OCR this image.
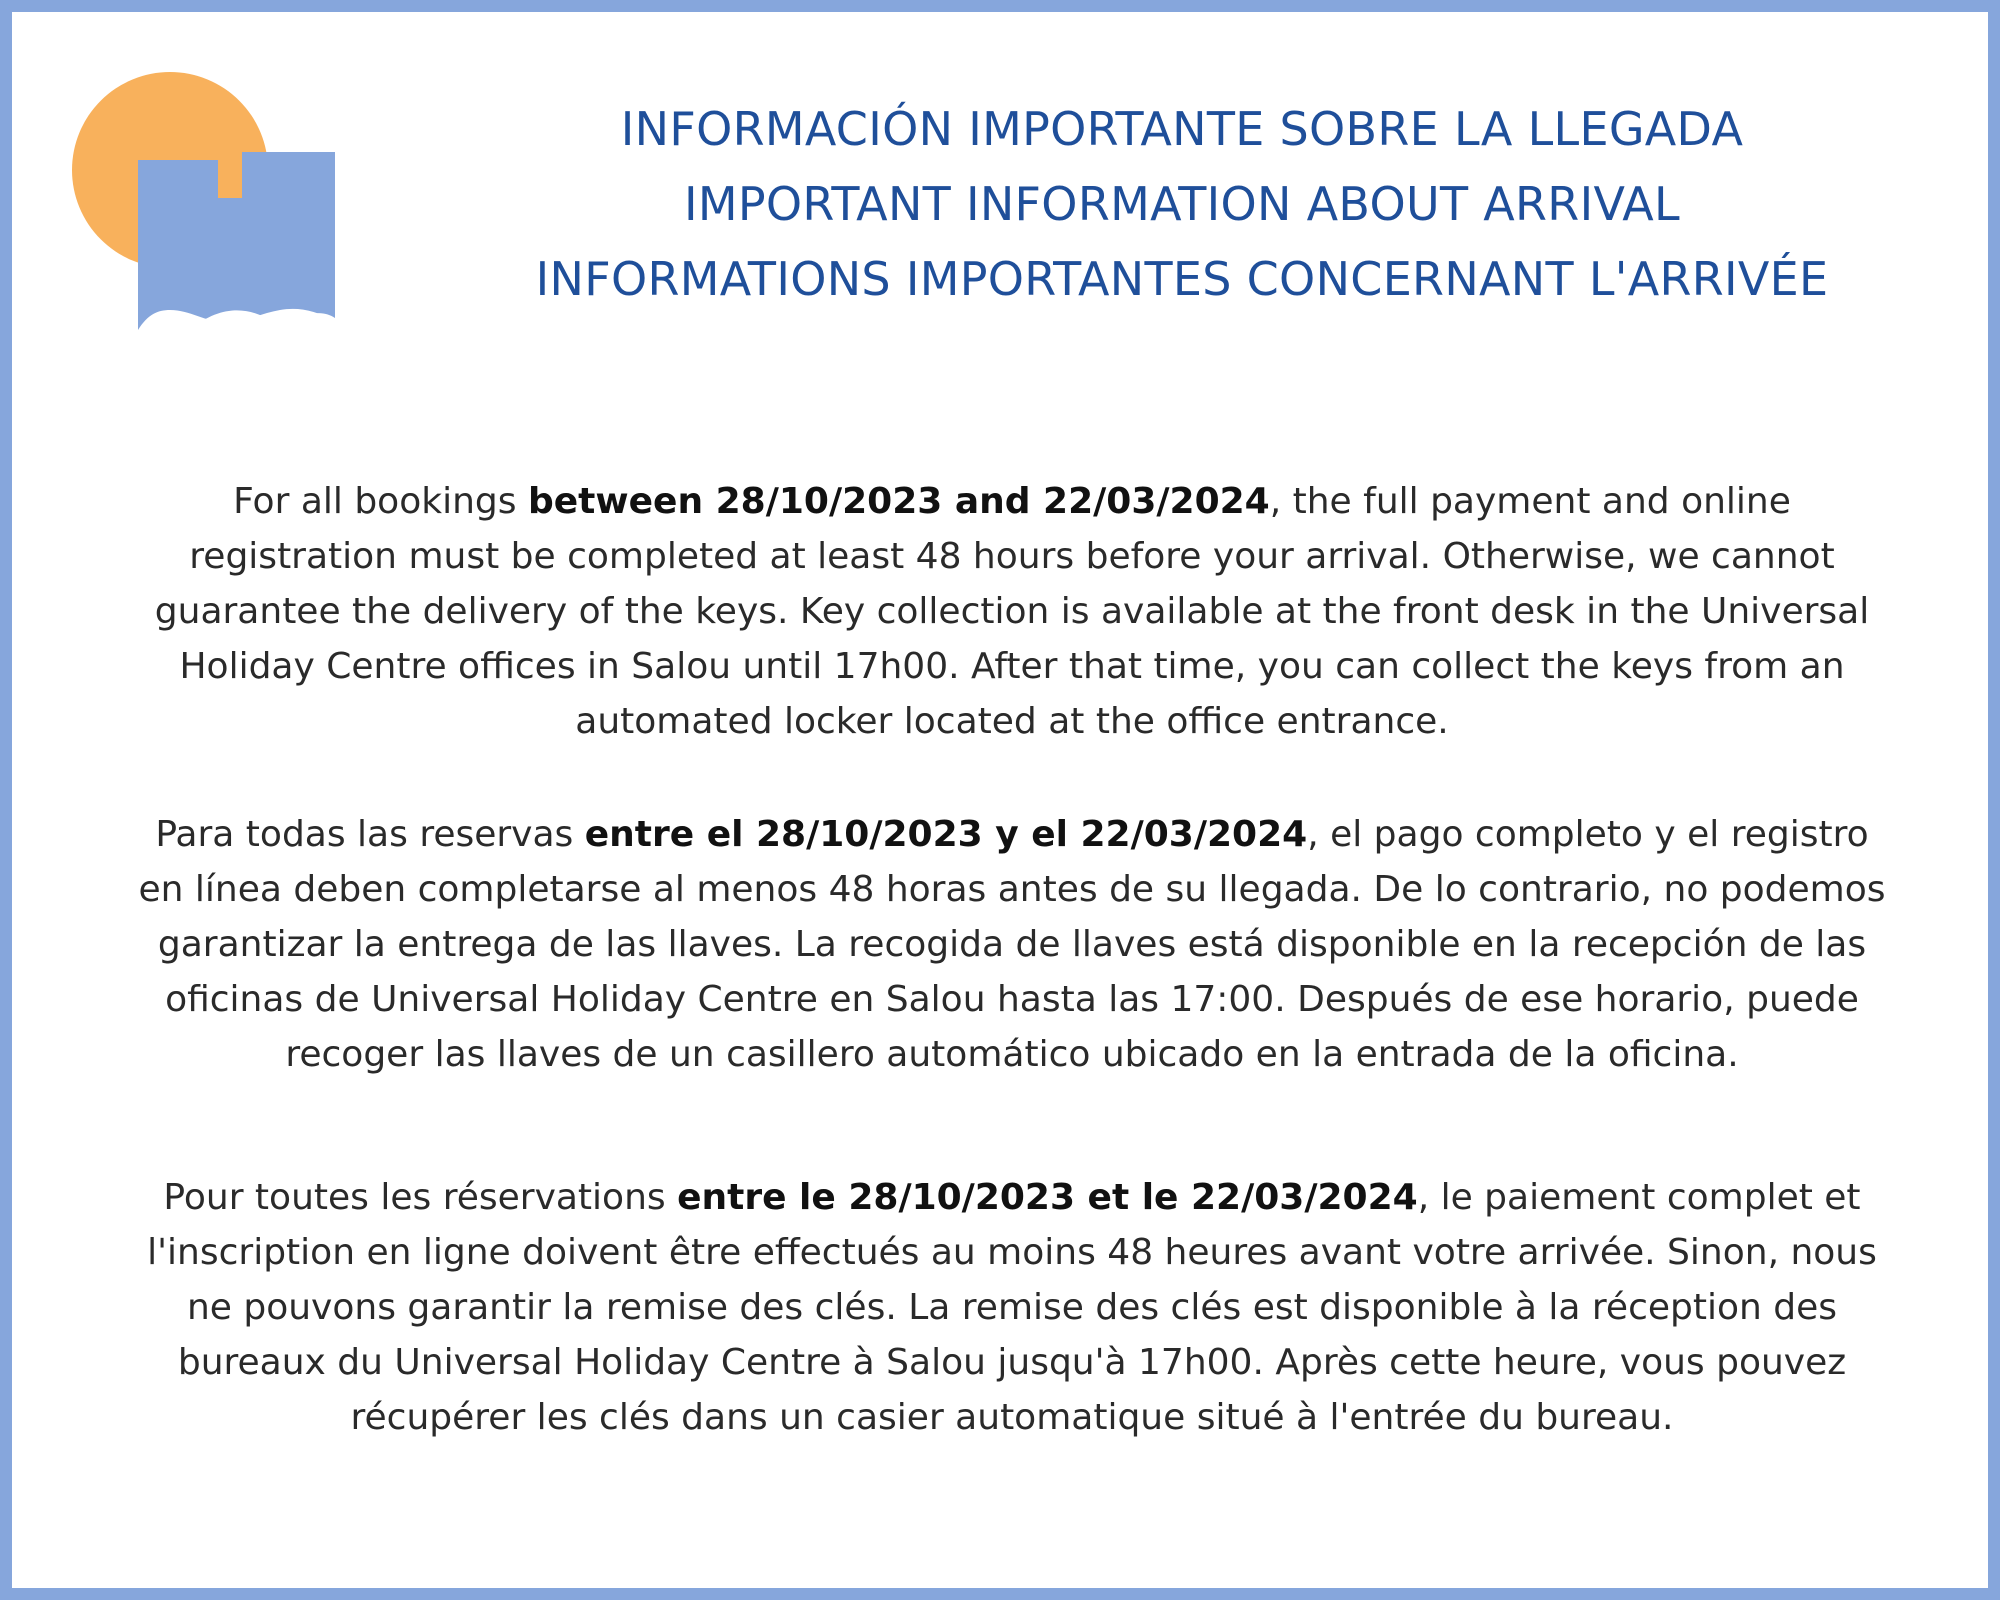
INFORMACIÓN IMPORTANTE SOBRE LA LLEGADA
IMPORTANT INFORMATION ABOUT ARRIVAL
INFORMATIONS IMPORTANTES CONCERNANT L'ARRIVÉE

For all bookings between 28/10/2023 and 22/03/2024, the full payment and online registration must be completed at least 48 hours before your arrival. Otherwise, we cannot guarantee the delivery of the keys. Key collection is available at the front desk in the Universal Holiday Centre offices in Salou until 17h00. After that time, you can collect the keys from an automated locker located at the office entrance.

Para todas las reservas entre el 28/10/2023 y el 22/03/2024, el pago completo y el registro en línea deben completarse al menos 48 horas antes de su llegada. De lo contrario, no podemos garantizar la entrega de las llaves. La recogida de llaves está disponible en la recepción de las oficinas de Universal Holiday Centre en Salou hasta las 17:00. Después de ese horario, puede recoger las llaves de un casillero automático ubicado en la entrada de la oficina.

Pour toutes les réservations entre le 28/10/2023 et le 22/03/2024, le paiement complet et l'inscription en ligne doivent être effectués au moins 48 heures avant votre arrivée. Sinon, nous ne pouvons garantir la remise des clés. La remise des clés est disponible à la réception des bureaux du Universal Holiday Centre à Salou jusqu'à 17h00. Après cette heure, vous pouvez récupérer les clés dans un casier automatique situé à l'entrée du bureau.
